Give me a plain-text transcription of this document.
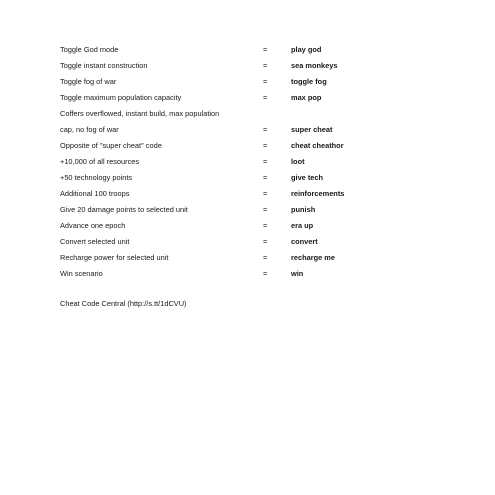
Toggle God mode	=	play god
Toggle instant construction	=	sea monkeys
Toggle fog of war	=	toggle fog
Toggle maximum population capacity	=	max pop
Coffers overflowed, instant build, max population
cap, no fog of war	=	super cheat
Opposite of "super cheat" code	=	cheat cheathor
+10,000 of all resources	=	loot
+50 technology points	=	give tech
Additional 100 troops	=	reinforcements
Give 20 damage points to selected unit	=	punish
Advance one epoch	=	era up
Convert selected unit	=	convert
Recharge power for selected unit	=	recharge me
Win scenario	=	win
Cheat Code Central (http://s.tt/1dCVU)
